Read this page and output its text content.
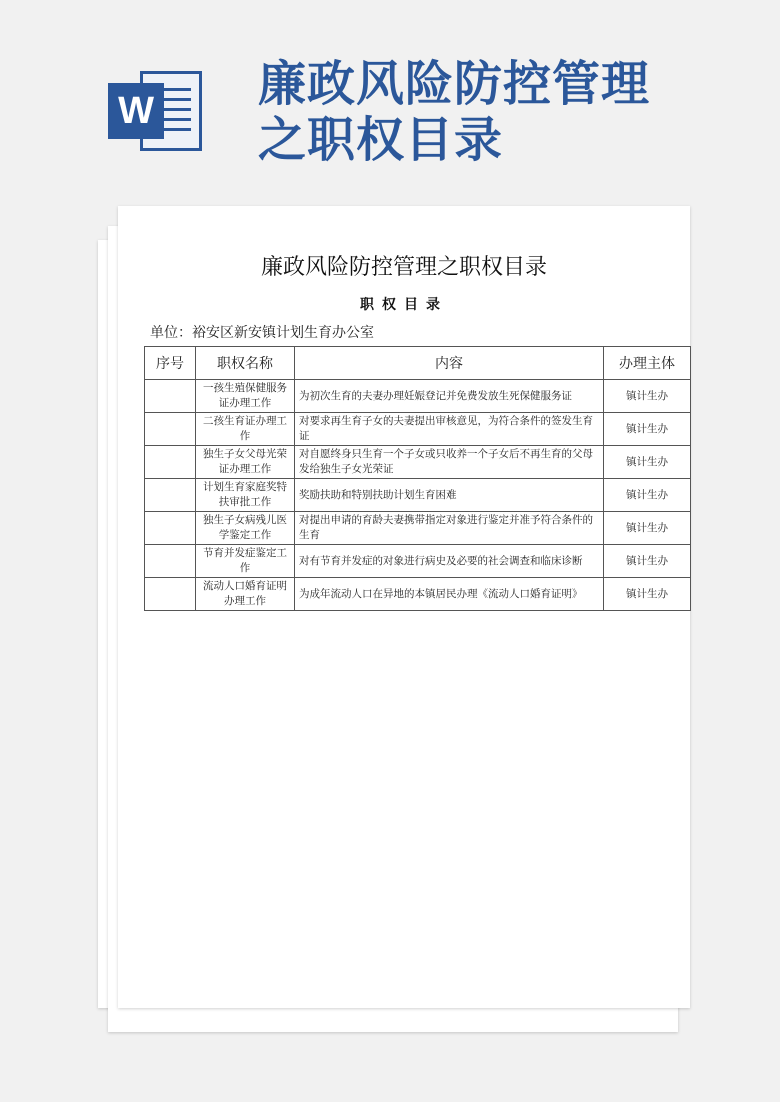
W 廉政风险防控管理之职权目录
廉政风险防控管理之职权目录
职权目录
单位：裕安区新安镇计划生育办公室
序号	职权名称	内容	办理主体
	一孩生殖保健服务证办理工作	为初次生育的夫妻办理妊娠登记并免费发放生死保健服务证	镇计生办
	二孩生育证办理工作	对要求再生育子女的夫妻提出审核意见，为符合条件的签发生育证	镇计生办
	独生子女父母光荣证办理工作	对自愿终身只生育一个子女或只收养一个子女后不再生育的父母发给独生子女光荣证	镇计生办
	计划生育家庭奖特扶审批工作	奖励扶助和特别扶助计划生育困难	镇计生办
	独生子女病残儿医学鉴定工作	对提出申请的育龄夫妻携带指定对象进行鉴定并准予符合条件的生育	镇计生办
	节育并发症鉴定工作	对有节育并发症的对象进行病史及必要的社会调查和临床诊断	镇计生办
	流动人口婚育证明办理工作	为成年流动人口在异地的本镇居民办理《流动人口婚育证明》	镇计生办
